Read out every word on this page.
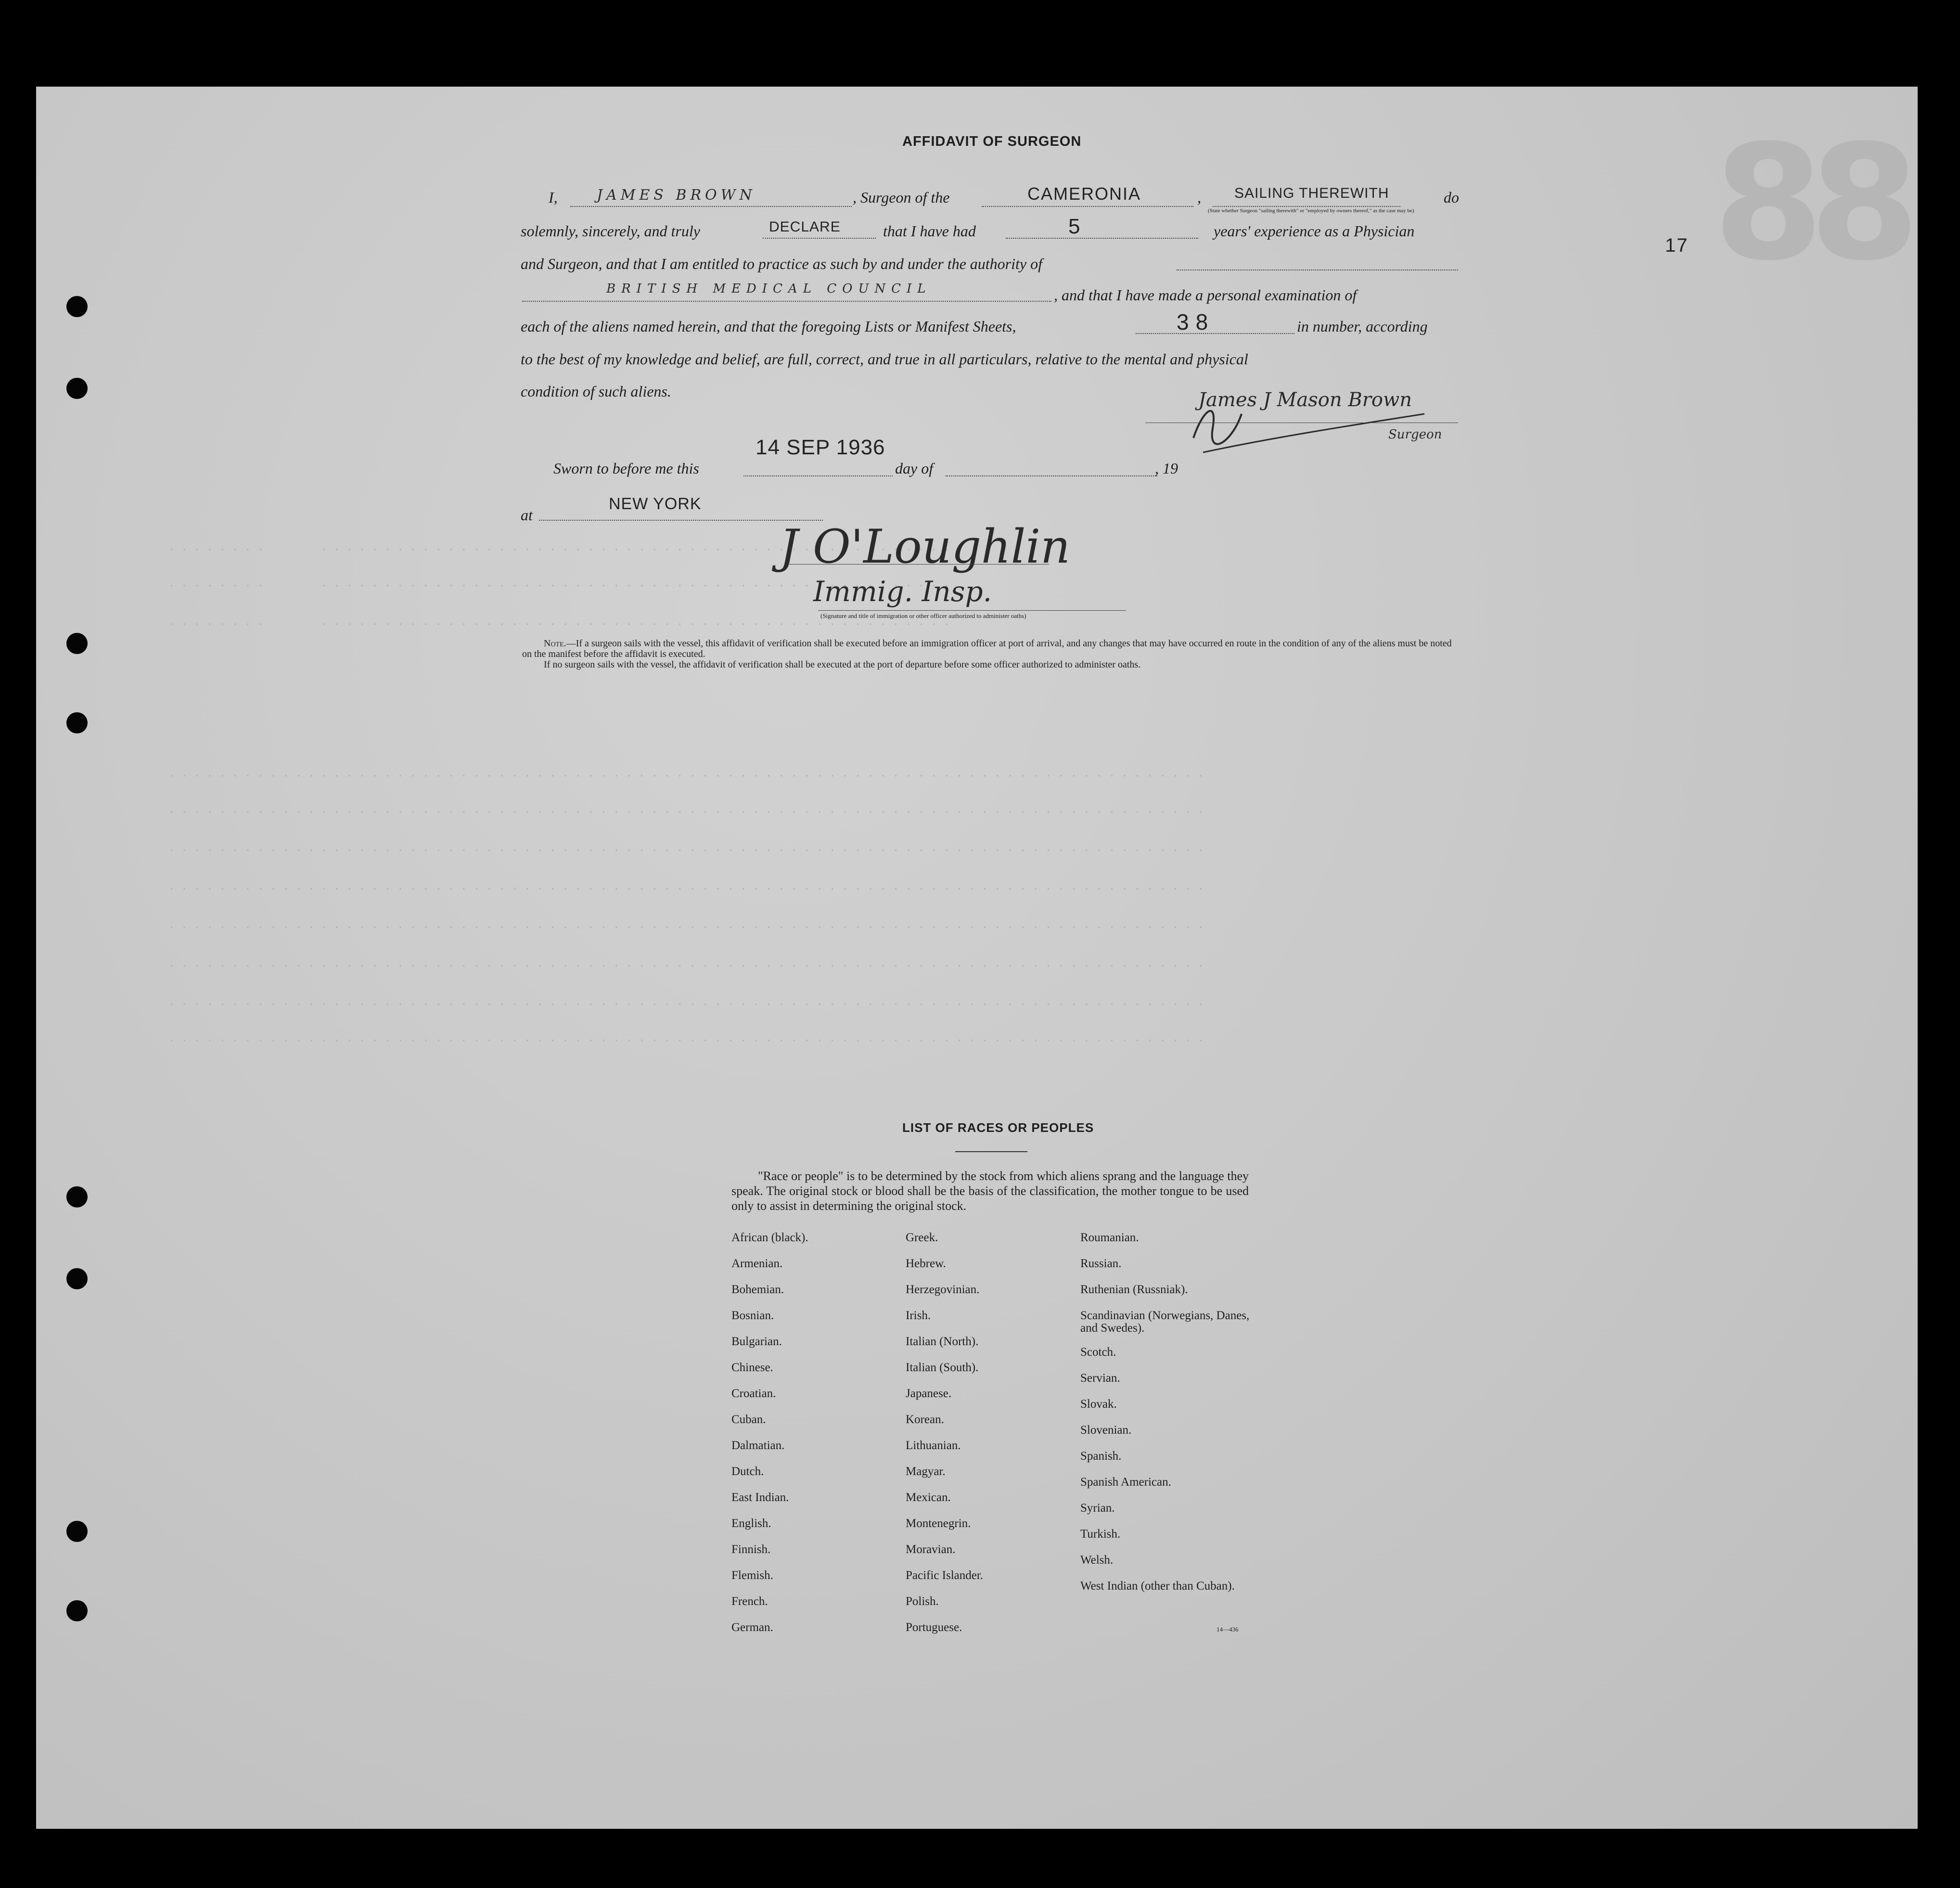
88
· · · · · · · ·         · · · · · · · · · · · · · · · · · · · · · · · · · · · · · · · · · · · · · · · · · · · · · · · · · ·
· · · · · · · ·         · · · · · · · · · · · · · · · · · · · · · · · · · · · · · · · · · · · · · · · · · · · · · · · · · ·
· · · · · · · ·         · · · · · · · · · · · · · · · · · · · · · · · · · · · · · · · · · · · · · · · · · · · · · · · · · ·
· · · · · · · · · · · · · · · · · · · · · · · · · · · · · · · · · · · · · · · · · · · · · · · · · · · · · · · · · · · · · · · · · · · · · · · · · · · · · · · · · ·
· · · · · · · · · · · · · · · · · · · · · · · · · · · · · · · · · · · · · · · · · · · · · · · · · · · · · · · · · · · · · · · · · · · · · · · · · · · · · · · · · ·
· · · · · · · · · · · · · · · · · · · · · · · · · · · · · · · · · · · · · · · · · · · · · · · · · · · · · · · · · · · · · · · · · · · · · · · · · · · · · · · · · ·
· · · · · · · · · · · · · · · · · · · · · · · · · · · · · · · · · · · · · · · · · · · · · · · · · · · · · · · · · · · · · · · · · · · · · · · · · · · · · · · · · ·
· · · · · · · · · · · · · · · · · · · · · · · · · · · · · · · · · · · · · · · · · · · · · · · · · · · · · · · · · · · · · · · · · · · · · · · · · · · · · · · · · ·
· · · · · · · · · · · · · · · · · · · · · · · · · · · · · · · · · · · · · · · · · · · · · · · · · · · · · · · · · · · · · · · · · · · · · · · · · · · · · · · · · ·
· · · · · · · · · · · · · · · · · · · · · · · · · · · · · · · · · · · · · · · · · · · · · · · · · · · · · · · · · · · · · · · · · · · · · · · · · · · · · · · · · ·
· · · · · · · · · · · · · · · · · · · · · · · · · · · · · · · · · · · · · · · · · · · · · · · · · · · · · · · · · · · · · · · · · · · · · · · · · · · · · · · · · ·
17
AFFIDAVIT OF SURGEON
I,	JAMES BROWN	, Surgeon of the	CAMERONIA	, SAILING THEREWITH
(State whether Surgeon "sailing therewith" or "employed by owners thereof," as the case may be)
do
solemnly, sincerely, and truly	DECLARE	that I have had	5	years' experience as a Physician
and Surgeon, and that I am entitled to practice as such by and under the authority of
BRITISH MEDICAL COUNCIL	, and that I have made a personal examination of
each of the aliens named herein, and that the foregoing Lists or Manifest Sheets,	38	in number, according
to the best of my knowledge and belief, are full, correct, and true in all particulars, relative to the mental and physical
condition of such aliens.	James J Mason Brown
Surgeon
Sworn to before me this
14 SEP 1936
day of	, 19
at
NEW YORK
J O'Loughlin
Immig. Insp.
(Signature and title of immigration or other officer authorized to administer oaths)
Note.—If a surgeon sails with the vessel, this affidavit of verification shall be executed before an immigration officer at port of arrival, and any changes that may have occurred en route in the condition of any of the aliens must be noted on the manifest before the affidavit is executed.
If no surgeon sails with the vessel, the affidavit of verification shall be executed at the port of departure before some officer authorized to administer oaths.
LIST OF RACES OR PEOPLES
"Race or people" is to be determined by the stock from which aliens sprang and the language they speak. The original stock or blood shall be the basis of the classification, the mother tongue to be used only to assist in determining the original stock.
African (black).
Armenian.
Bohemian.
Bosnian.
Bulgarian.
Chinese.
Croatian.
Cuban.
Dalmatian.
Dutch.
East Indian.
English.
Finnish.
Flemish.
French.
German.
Greek.
Hebrew.
Herzegovinian.
Irish.
Italian (North).
Italian (South).
Japanese.
Korean.
Lithuanian.
Magyar.
Mexican.
Montenegrin.
Moravian.
Pacific Islander.
Polish.
Portuguese.
Roumanian.
Russian.
Ruthenian (Russniak).
Scandinavian (Norwegians, Danes, and Swedes).
Scotch.
Servian.
Slovak.
Slovenian.
Spanish.
Spanish American.
Syrian.
Turkish.
Welsh.
West Indian (other than Cuban).
14—436
